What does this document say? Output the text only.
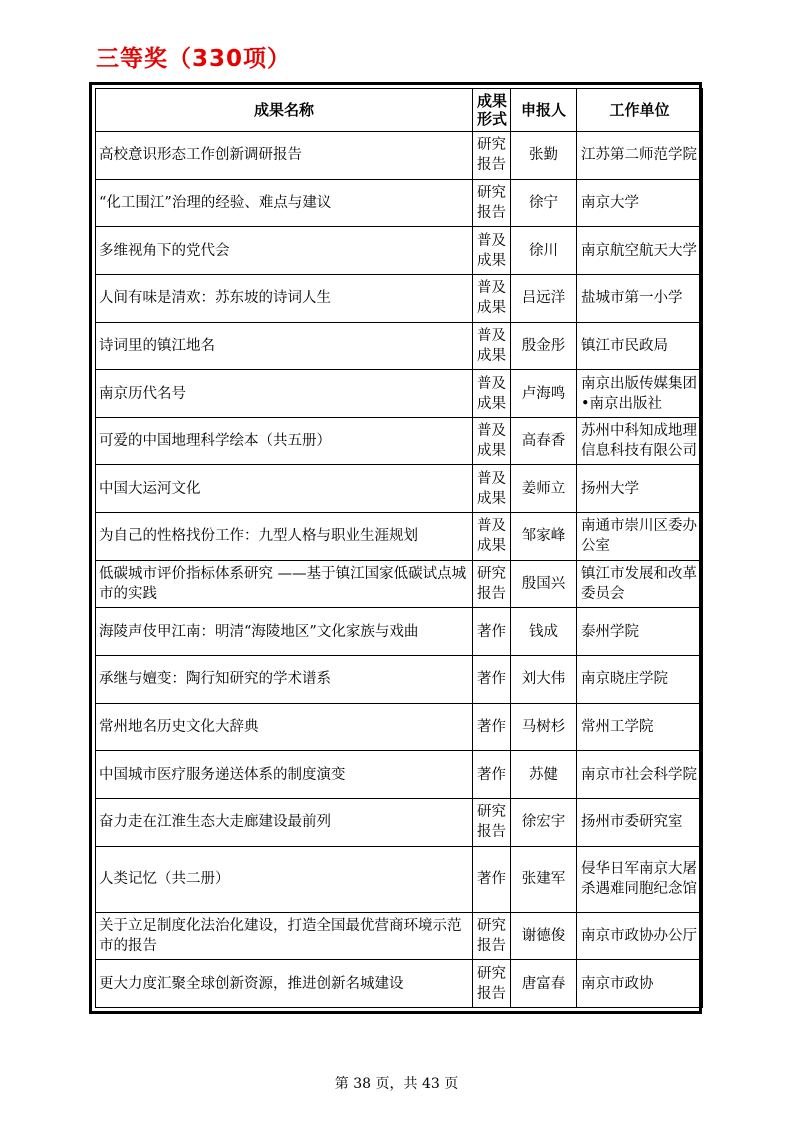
三等奖（330项）
成果名称	成果形式	申报人	工作单位
高校意识形态工作创新调研报告	研究报告	张勤	江苏第二师范学院
“化工围江”治理的经验、难点与建议	研究报告	徐宁	南京大学
多维视角下的党代会	普及成果	徐川	南京航空航天大学
人间有味是清欢：苏东坡的诗词人生	普及成果	吕远洋	盐城市第一小学
诗词里的镇江地名	普及成果	殷金彤	镇江市民政局
南京历代名号	普及成果	卢海鸣	南京出版传媒集团•南京出版社
可爱的中国地理科学绘本（共五册）	普及成果	高春香	苏州中科知成地理信息科技有限公司
中国大运河文化	普及成果	姜师立	扬州大学
为自己的性格找份工作：九型人格与职业生涯规划	普及成果	邹家峰	南通市崇川区委办公室
低碳城市评价指标体系研究 ——基于镇江国家低碳试点城市的实践	研究报告	殷国兴	镇江市发展和改革委员会
海陵声伎甲江南：明清“海陵地区”文化家族与戏曲	著作	钱成	泰州学院
承继与嬗变：陶行知研究的学术谱系	著作	刘大伟	南京晓庄学院
常州地名历史文化大辞典	著作	马树杉	常州工学院
中国城市医疗服务递送体系的制度演变	著作	苏健	南京市社会科学院
奋力走在江淮生态大走廊建设最前列	研究报告	徐宏宇	扬州市委研究室
人类记忆（共二册）	著作	张建军	侵华日军南京大屠杀遇难同胞纪念馆
关于立足制度化法治化建设，打造全国最优营商环境示范市的报告	研究报告	谢德俊	南京市政协办公厅
更大力度汇聚全球创新资源，推进创新名城建设	研究报告	唐富春	南京市政协
第 38 页，共 43 页
